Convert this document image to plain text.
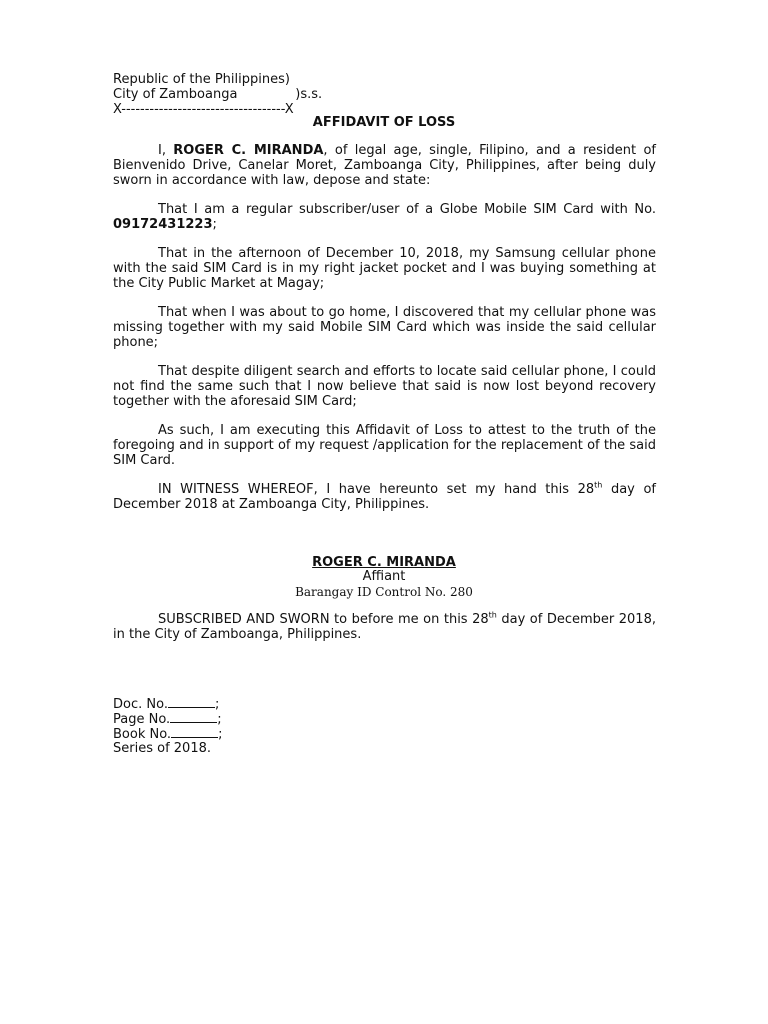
Republic of the Philippines)
City of Zamboanga              )s.s.
X-----------------------------------X
AFFIDAVIT OF LOSS

I, ROGER C. MIRANDA, of legal age, single, Filipino, and a resident of Bienvenido Drive, Canelar Moret, Zamboanga City, Philippines, after being duly sworn in accordance with law, depose and state:

That I am a regular subscriber/user of a Globe Mobile SIM Card with No. 09172431223;

That in the afternoon of December 10, 2018, my Samsung cellular phone with the said SIM Card is in my right jacket pocket and I was buying something at the City Public Market at Magay;

That when I was about to go home, I discovered that my cellular phone was missing together with my said Mobile SIM Card which was inside the said cellular phone;

That despite diligent search and efforts to locate said cellular phone, I could not find the same such that I now believe that said is now lost beyond recovery together with the aforesaid SIM Card;

As such, I am executing this Affidavit of Loss to attest to the truth of the foregoing and in support of my request /application for the replacement of the said SIM Card.

IN WITNESS WHEREOF, I have hereunto set my hand this 28th day of December 2018 at Zamboanga City, Philippines.

ROGER C. MIRANDA
Affiant
Barangay ID Control No. 280

SUBSCRIBED AND SWORN to before me on this 28th day of December 2018, in the City of Zamboanga, Philippines.

Doc. No.	;
Page No.	;
Book No.	;
Series of 2018.
